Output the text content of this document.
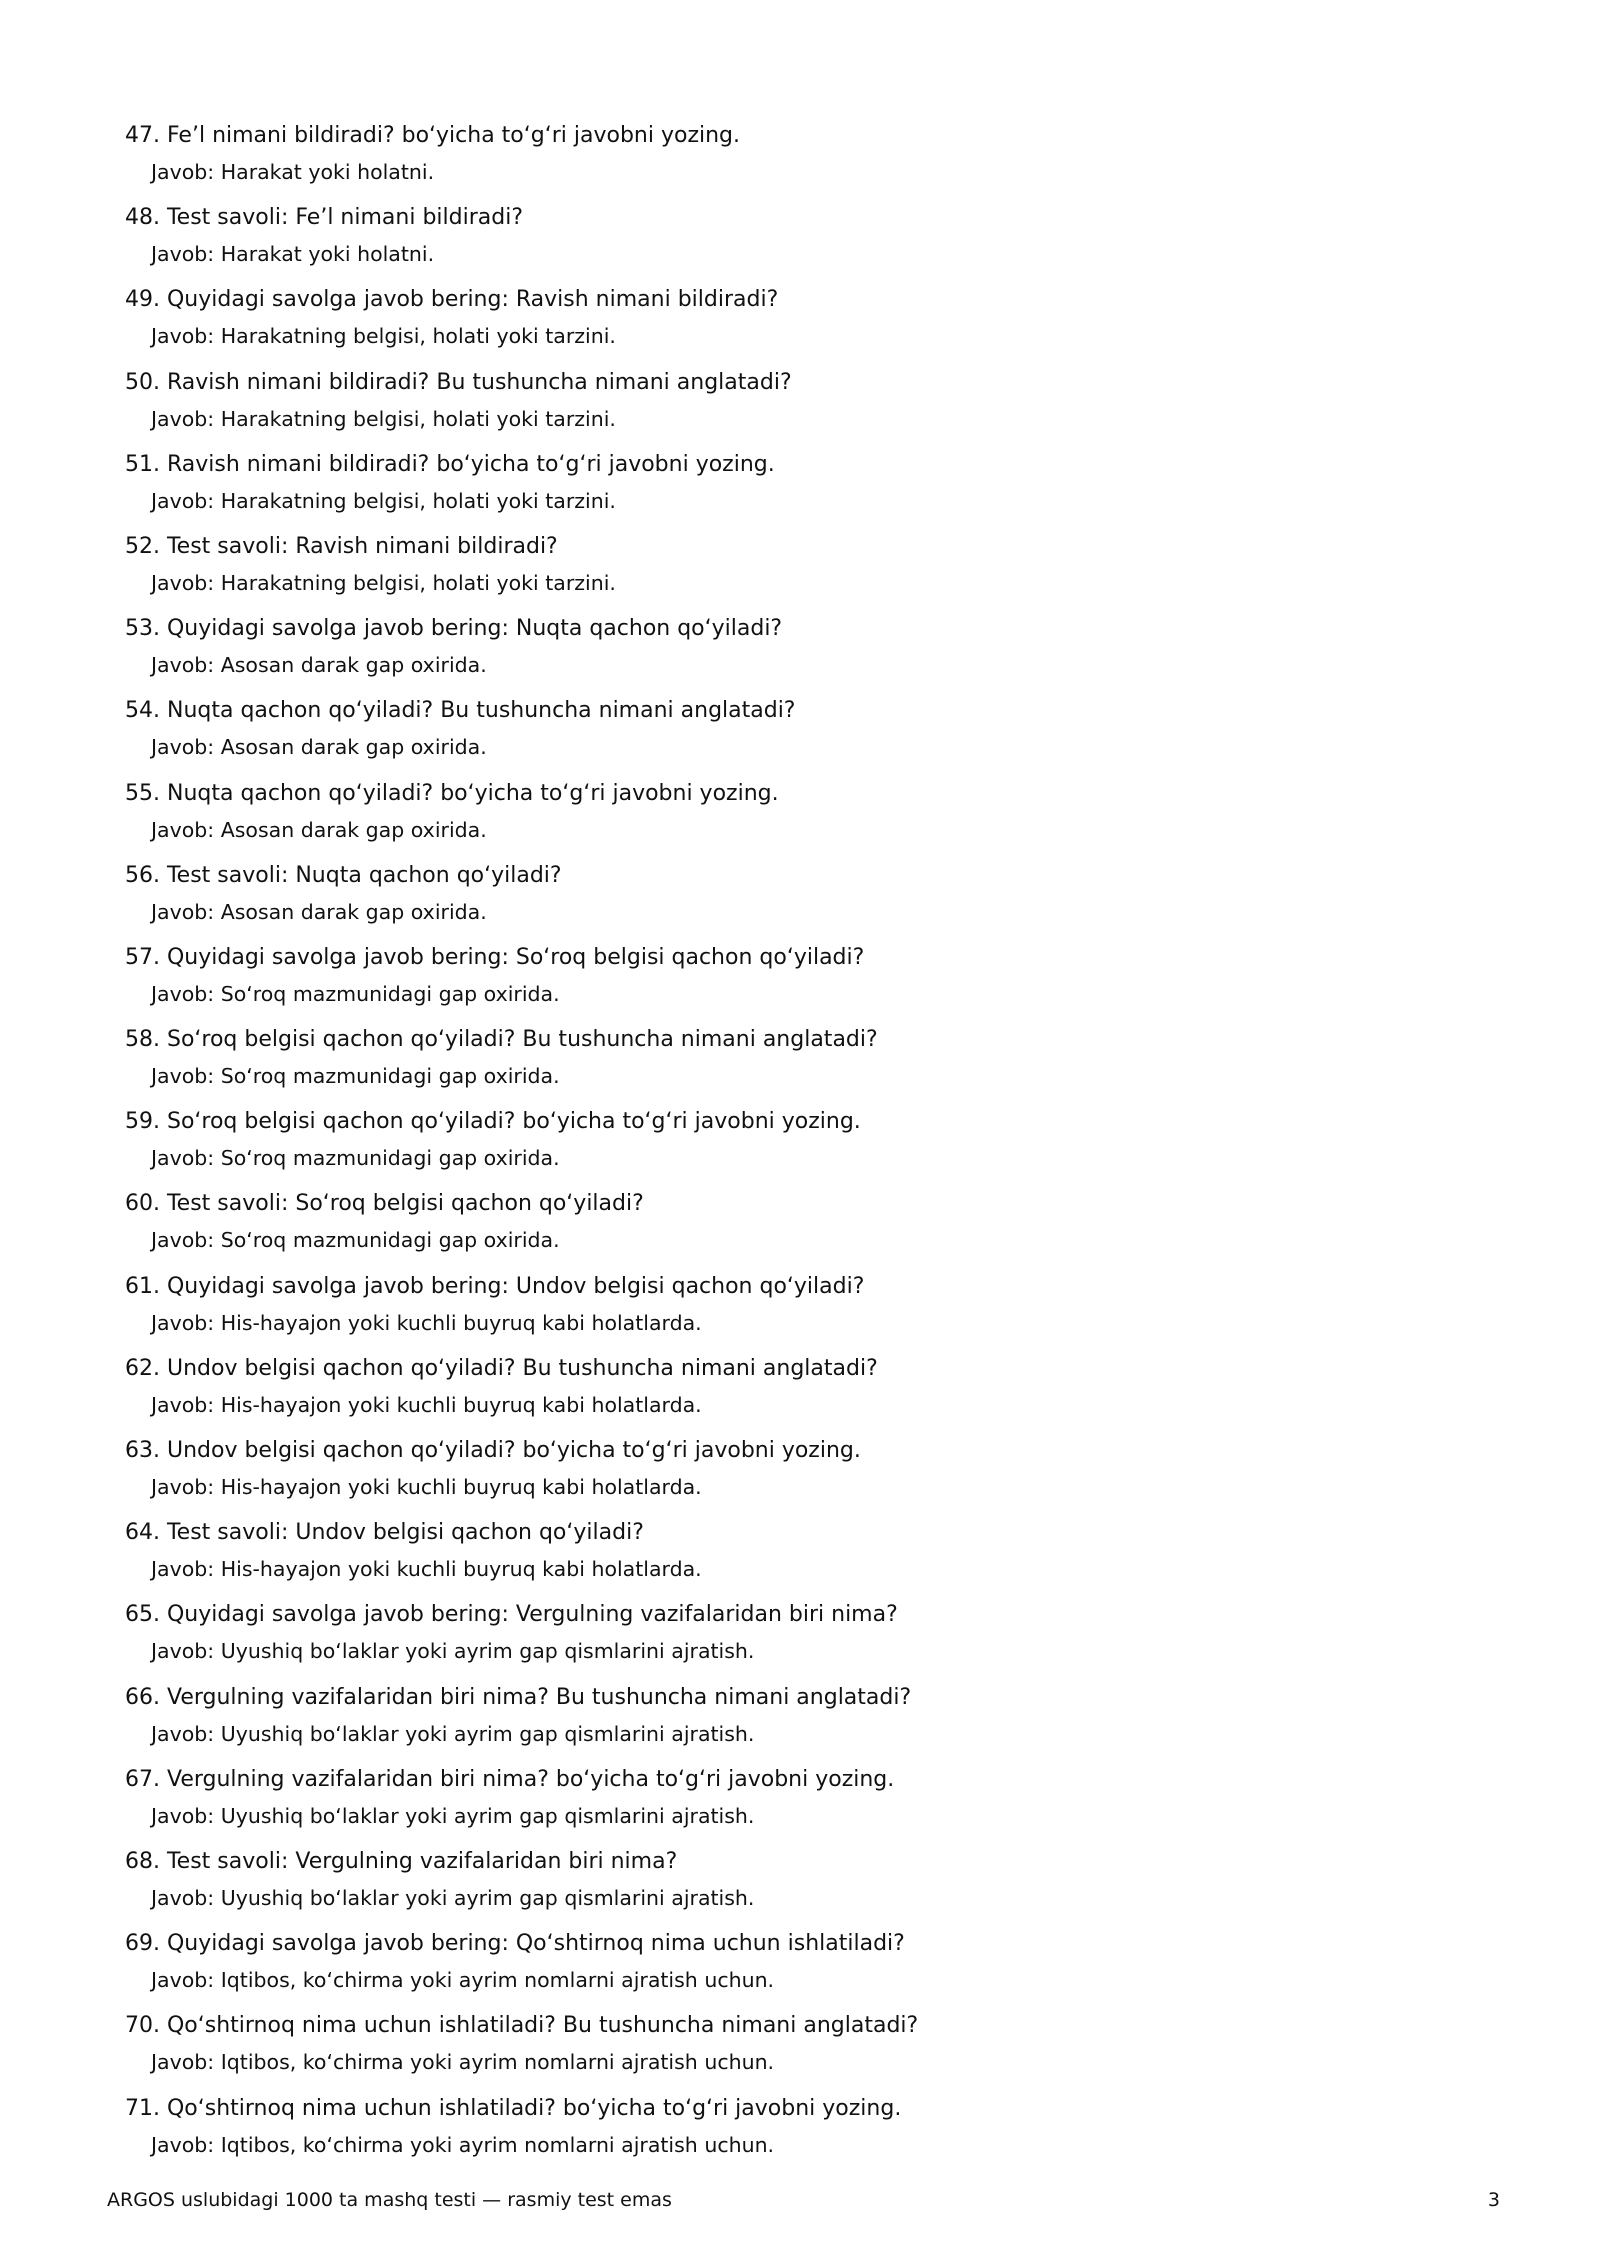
47. Fe’l nimani bildiradi? bo‘yicha to‘g‘ri javobni yozing.
Javob: Harakat yoki holatni.
48. Test savoli: Fe’l nimani bildiradi?
Javob: Harakat yoki holatni.
49. Quyidagi savolga javob bering: Ravish nimani bildiradi?
Javob: Harakatning belgisi, holati yoki tarzini.
50. Ravish nimani bildiradi? Bu tushuncha nimani anglatadi?
Javob: Harakatning belgisi, holati yoki tarzini.
51. Ravish nimani bildiradi? bo‘yicha to‘g‘ri javobni yozing.
Javob: Harakatning belgisi, holati yoki tarzini.
52. Test savoli: Ravish nimani bildiradi?
Javob: Harakatning belgisi, holati yoki tarzini.
53. Quyidagi savolga javob bering: Nuqta qachon qo‘yiladi?
Javob: Asosan darak gap oxirida.
54. Nuqta qachon qo‘yiladi? Bu tushuncha nimani anglatadi?
Javob: Asosan darak gap oxirida.
55. Nuqta qachon qo‘yiladi? bo‘yicha to‘g‘ri javobni yozing.
Javob: Asosan darak gap oxirida.
56. Test savoli: Nuqta qachon qo‘yiladi?
Javob: Asosan darak gap oxirida.
57. Quyidagi savolga javob bering: So‘roq belgisi qachon qo‘yiladi?
Javob: So‘roq mazmunidagi gap oxirida.
58. So‘roq belgisi qachon qo‘yiladi? Bu tushuncha nimani anglatadi?
Javob: So‘roq mazmunidagi gap oxirida.
59. So‘roq belgisi qachon qo‘yiladi? bo‘yicha to‘g‘ri javobni yozing.
Javob: So‘roq mazmunidagi gap oxirida.
60. Test savoli: So‘roq belgisi qachon qo‘yiladi?
Javob: So‘roq mazmunidagi gap oxirida.
61. Quyidagi savolga javob bering: Undov belgisi qachon qo‘yiladi?
Javob: His-hayajon yoki kuchli buyruq kabi holatlarda.
62. Undov belgisi qachon qo‘yiladi? Bu tushuncha nimani anglatadi?
Javob: His-hayajon yoki kuchli buyruq kabi holatlarda.
63. Undov belgisi qachon qo‘yiladi? bo‘yicha to‘g‘ri javobni yozing.
Javob: His-hayajon yoki kuchli buyruq kabi holatlarda.
64. Test savoli: Undov belgisi qachon qo‘yiladi?
Javob: His-hayajon yoki kuchli buyruq kabi holatlarda.
65. Quyidagi savolga javob bering: Vergulning vazifalaridan biri nima?
Javob: Uyushiq bo‘laklar yoki ayrim gap qismlarini ajratish.
66. Vergulning vazifalaridan biri nima? Bu tushuncha nimani anglatadi?
Javob: Uyushiq bo‘laklar yoki ayrim gap qismlarini ajratish.
67. Vergulning vazifalaridan biri nima? bo‘yicha to‘g‘ri javobni yozing.
Javob: Uyushiq bo‘laklar yoki ayrim gap qismlarini ajratish.
68. Test savoli: Vergulning vazifalaridan biri nima?
Javob: Uyushiq bo‘laklar yoki ayrim gap qismlarini ajratish.
69. Quyidagi savolga javob bering: Qo‘shtirnoq nima uchun ishlatiladi?
Javob: Iqtibos, ko‘chirma yoki ayrim nomlarni ajratish uchun.
70. Qo‘shtirnoq nima uchun ishlatiladi? Bu tushuncha nimani anglatadi?
Javob: Iqtibos, ko‘chirma yoki ayrim nomlarni ajratish uchun.
71. Qo‘shtirnoq nima uchun ishlatiladi? bo‘yicha to‘g‘ri javobni yozing.
Javob: Iqtibos, ko‘chirma yoki ayrim nomlarni ajratish uchun.
ARGOS uslubidagi 1000 ta mashq testi — rasmiy test emas	3
